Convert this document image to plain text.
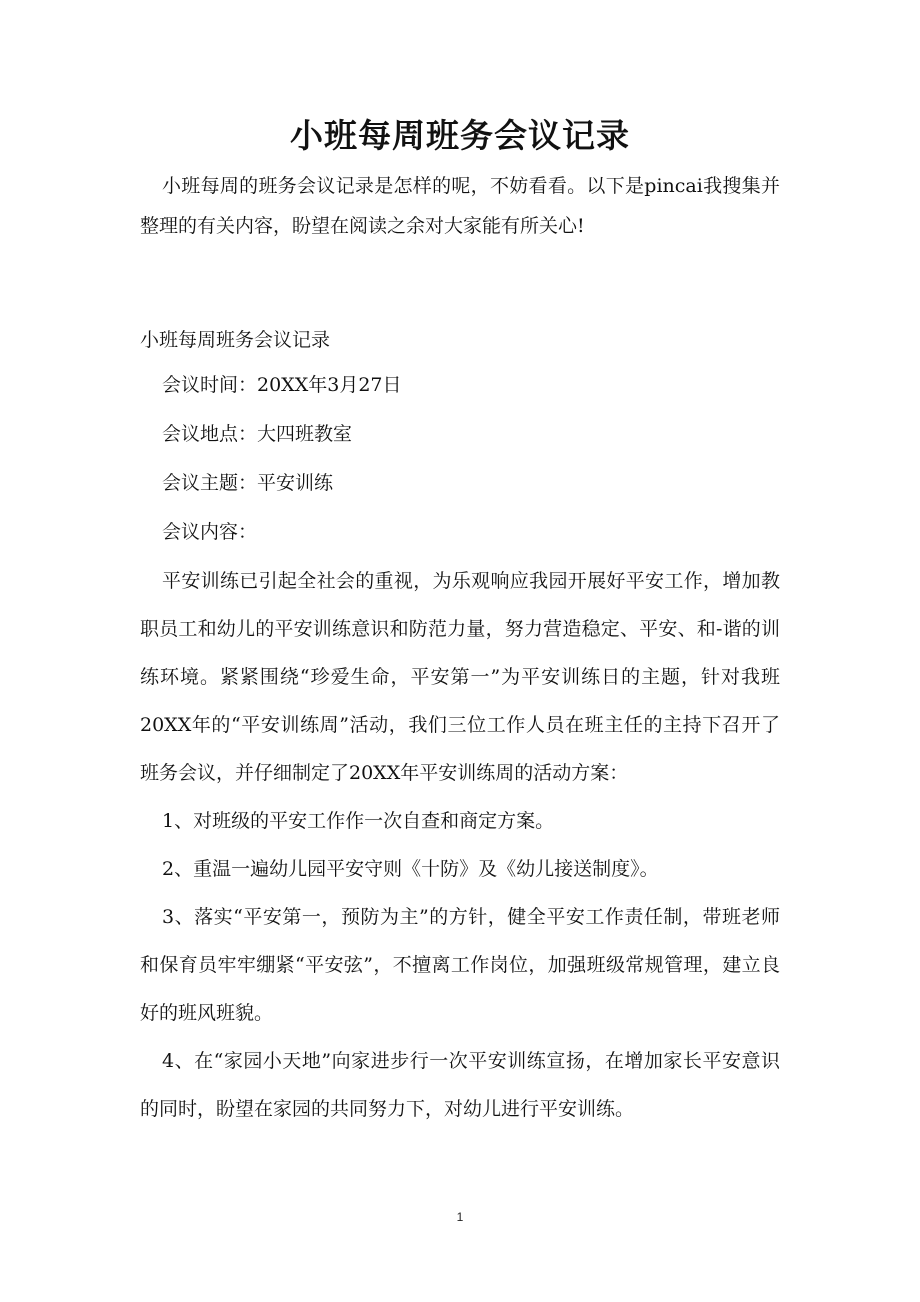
小班每周班务会议记录

小班每周的班务会议记录是怎样的呢，不妨看看。以下是pincai我搜集并整理的有关内容，盼望在阅读之余对大家能有所关心!

小班每周班务会议记录

会议时间：20XX年3月27日

会议地点：大四班教室

会议主题：平安训练

会议内容：

平安训练已引起全社会的重视，为乐观响应我园开展好平安工作，增加教职员工和幼儿的平安训练意识和防范力量，努力营造稳定、平安、和-谐的训练环境。紧紧围绕“珍爱生命，平安第一”为平安训练日的主题，针对我班20XX年的“平安训练周”活动，我们三位工作人员在班主任的主持下召开了班务会议，并仔细制定了20XX年平安训练周的活动方案：

1、对班级的平安工作作一次自查和商定方案。

2、重温一遍幼儿园平安守则《十防》及《幼儿接送制度》。

3、落实“平安第一，预防为主”的方针，健全平安工作责任制，带班老师和保育员牢牢绷紧“平安弦”，不擅离工作岗位，加强班级常规管理，建立良好的班风班貌。

4、在“家园小天地”向家进步行一次平安训练宣扬，在增加家长平安意识的同时，盼望在家园的共同努力下，对幼儿进行平安训练。

1
